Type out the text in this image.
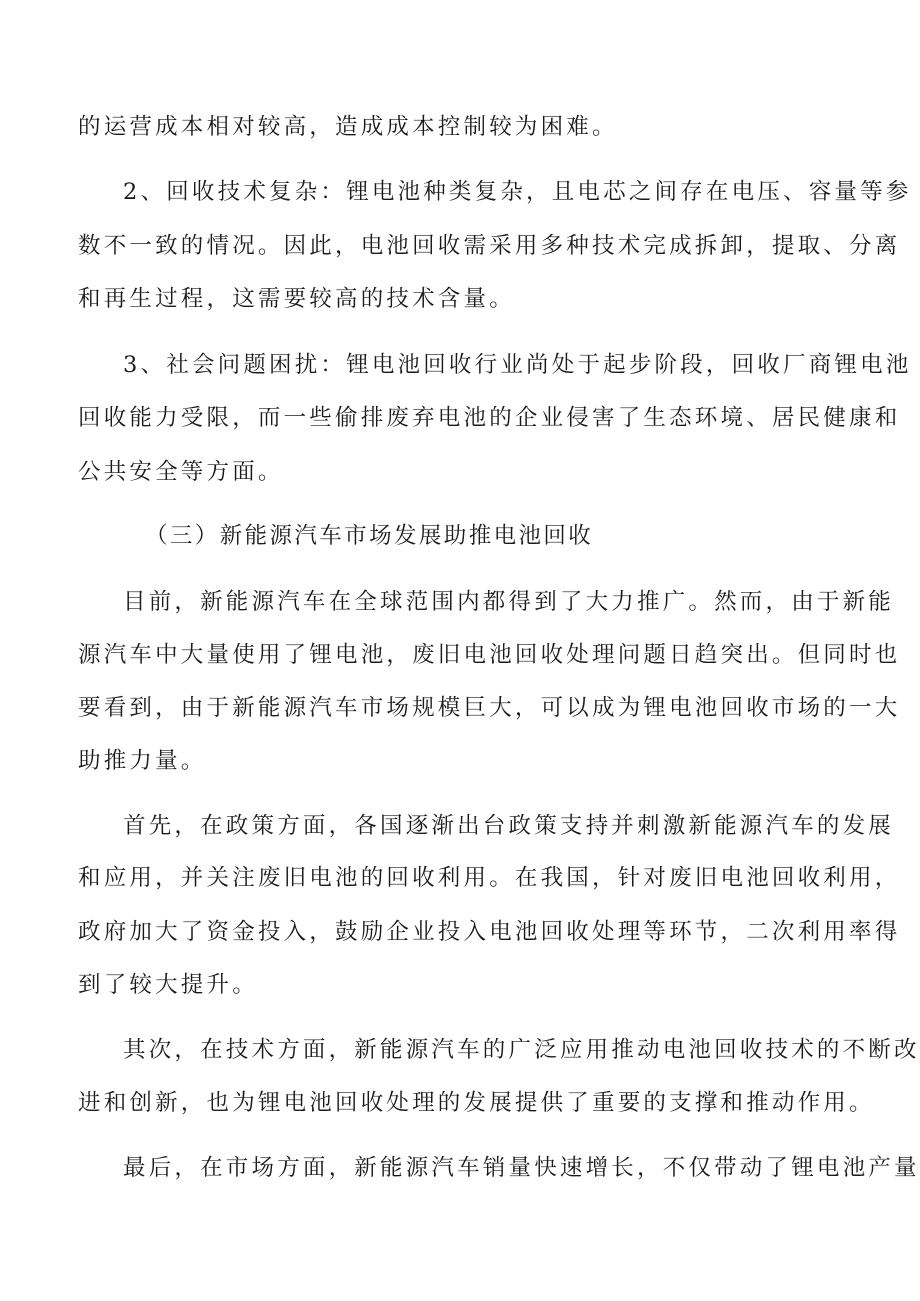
的运营成本相对较高，造成成本控制较为困难。
2、回收技术复杂：锂电池种类复杂，且电芯之间存在电压、容量等参
数不一致的情况。因此，电池回收需采用多种技术完成拆卸，提取、分离
和再生过程，这需要较高的技术含量。
3、社会问题困扰：锂电池回收行业尚处于起步阶段，回收厂商锂电池
回收能力受限，而一些偷排废弃电池的企业侵害了生态环境、居民健康和
公共安全等方面。
（三）新能源汽车市场发展助推电池回收
目前，新能源汽车在全球范围内都得到了大力推广。然而，由于新能
源汽车中大量使用了锂电池，废旧电池回收处理问题日趋突出。但同时也
要看到，由于新能源汽车市场规模巨大，可以成为锂电池回收市场的一大
助推力量。
首先，在政策方面，各国逐渐出台政策支持并刺激新能源汽车的发展
和应用，并关注废旧电池的回收利用。在我国，针对废旧电池回收利用，
政府加大了资金投入，鼓励企业投入电池回收处理等环节，二次利用率得
到了较大提升。
其次，在技术方面，新能源汽车的广泛应用推动电池回收技术的不断改
进和创新，也为锂电池回收处理的发展提供了重要的支撑和推动作用。
最后，在市场方面，新能源汽车销量快速增长，不仅带动了锂电池产量
